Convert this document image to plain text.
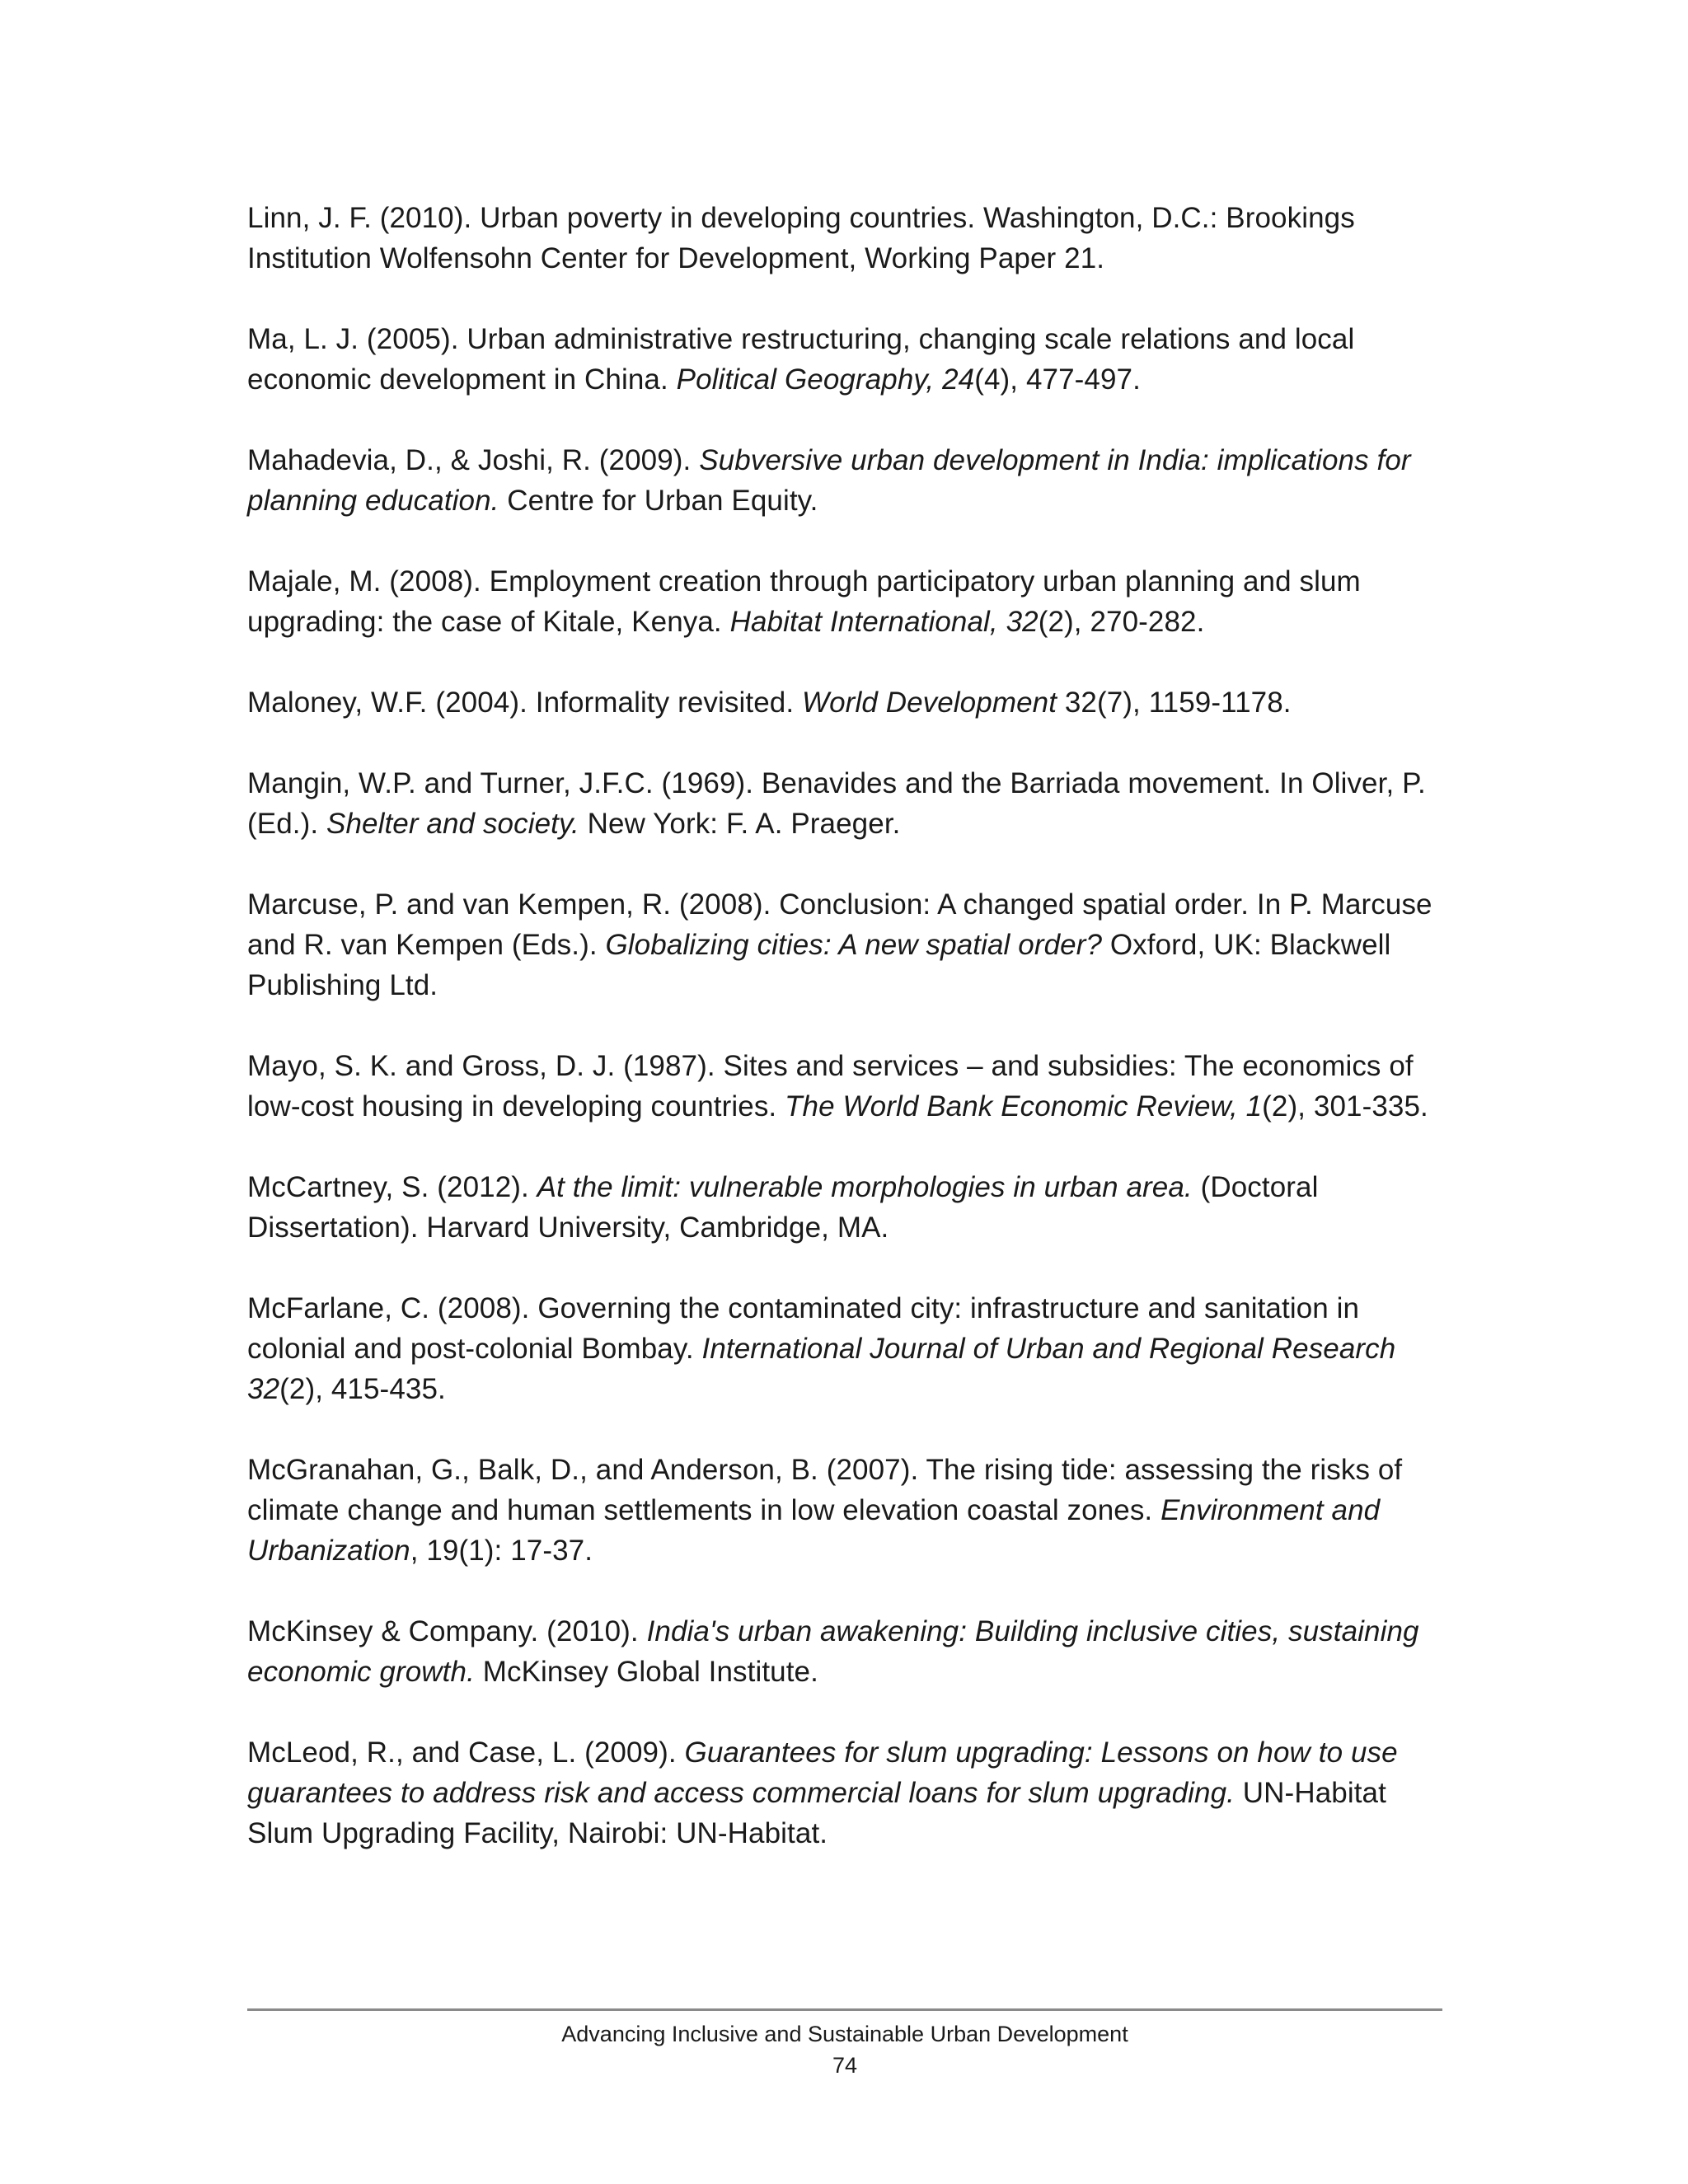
Linn, J. F. (2010). Urban poverty in developing countries. Washington, D.C.: Brookings Institution Wolfensohn Center for Development, Working Paper 21.

Ma, L. J. (2005). Urban administrative restructuring, changing scale relations and local economic development in China. Political Geography, 24(4), 477-497.

Mahadevia, D., & Joshi, R. (2009). Subversive urban development in India: implications for planning education. Centre for Urban Equity.

Majale, M. (2008). Employment creation through participatory urban planning and slum upgrading: the case of Kitale, Kenya. Habitat International, 32(2), 270-282.

Maloney, W.F. (2004). Informality revisited. World Development 32(7), 1159-1178.

Mangin, W.P. and Turner, J.F.C. (1969). Benavides and the Barriada movement. In Oliver, P. (Ed.). Shelter and society. New York: F. A. Praeger.

Marcuse, P. and van Kempen, R. (2008). Conclusion: A changed spatial order. In P. Marcuse and R. van Kempen (Eds.). Globalizing cities: A new spatial order? Oxford, UK: Blackwell Publishing Ltd.

Mayo, S. K. and Gross, D. J. (1987). Sites and services – and subsidies: The economics of low-cost housing in developing countries. The World Bank Economic Review, 1(2), 301-335.

McCartney, S. (2012). At the limit: vulnerable morphologies in urban area. (Doctoral Dissertation). Harvard University, Cambridge, MA.

McFarlane, C. (2008). Governing the contaminated city: infrastructure and sanitation in colonial and post-colonial Bombay. International Journal of Urban and Regional Research 32(2), 415-435.

McGranahan, G., Balk, D., and Anderson, B. (2007). The rising tide: assessing the risks of climate change and human settlements in low elevation coastal zones. Environment and Urbanization, 19(1): 17-37.

McKinsey & Company. (2010). India's urban awakening: Building inclusive cities, sustaining economic growth. McKinsey Global Institute.

McLeod, R., and Case, L. (2009). Guarantees for slum upgrading: Lessons on how to use guarantees to address risk and access commercial loans for slum upgrading. UN-Habitat Slum Upgrading Facility, Nairobi: UN-Habitat.

Advancing Inclusive and Sustainable Urban Development
74
